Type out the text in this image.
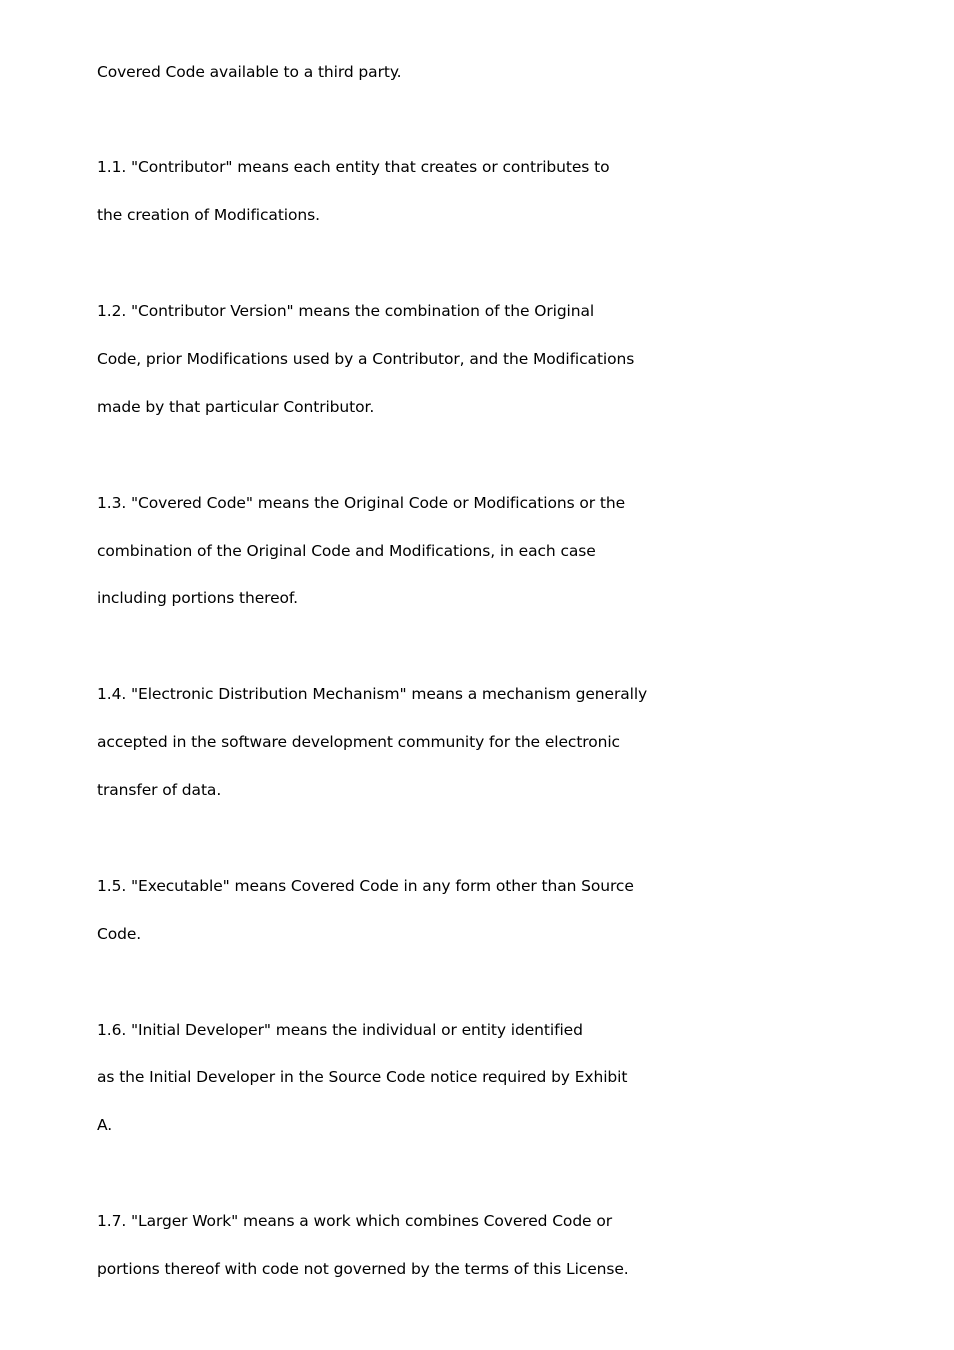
Covered Code available to a third party.
1.1. "Contributor" means each entity that creates or contributes to
the creation of Modifications.
1.2. "Contributor Version" means the combination of the Original
Code, prior Modifications used by a Contributor, and the Modifications
made by that particular Contributor.
1.3. "Covered Code" means the Original Code or Modifications or the
combination of the Original Code and Modifications, in each case
including portions thereof.
1.4. "Electronic Distribution Mechanism" means a mechanism generally
accepted in the software development community for the electronic
transfer of data.
1.5. "Executable" means Covered Code in any form other than Source
Code.
1.6. "Initial Developer" means the individual or entity identified
as the Initial Developer in the Source Code notice required by Exhibit
A.
1.7. "Larger Work" means a work which combines Covered Code or
portions thereof with code not governed by the terms of this License.
